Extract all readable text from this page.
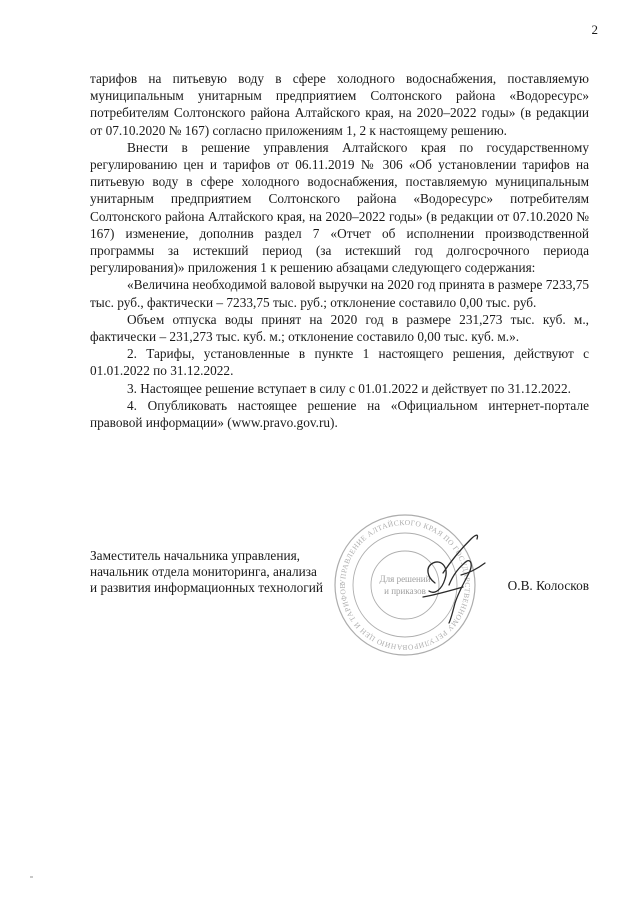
2

тарифов на питьевую воду в сфере холодного водоснабжения, поставляемую муниципальным унитарным предприятием Солтонского района «Водоресурс» потребителям Солтонского района Алтайского края, на 2020–2022 годы» (в редакции от 07.10.2020 № 167) согласно приложениям 1, 2 к настоящему решению.

Внести в решение управления Алтайского края по государственному регулированию цен и тарифов от 06.11.2019 № 306 «Об установлении тарифов на питьевую воду в сфере холодного водоснабжения, поставляемую муниципальным унитарным предприятием Солтонского района «Водоресурс» потребителям Солтонского района Алтайского края, на 2020–2022 годы» (в редакции от 07.10.2020 № 167) изменение, дополнив раздел 7 «Отчет об исполнении производственной программы за истекший период (за истекший год долгосрочного периода регулирования)» приложения 1 к решению абзацами следующего содержания:

«Величина необходимой валовой выручки на 2020 год принята в размере 7233,75 тыс. руб., фактически – 7233,75 тыс. руб.; отклонение составило 0,00 тыс. руб.

Объем отпуска воды принят на 2020 год в размере 231,273 тыс. куб. м., фактически – 231,273 тыс. куб. м.; отклонение составило 0,00 тыс. куб. м.».

2. Тарифы, установленные в пункте 1 настоящего решения, действуют с 01.01.2022 по 31.12.2022.

3. Настоящее решение вступает в силу с 01.01.2022 и действует по 31.12.2022.

4. Опубликовать настоящее решение на «Официальном интернет-портале правовой информации» (www.pravo.gov.ru).

Заместитель начальника управления,
начальник отдела мониторинга, анализа
и развития информационных технологий	О.В. Колосков
УПРАВЛЕНИЕ АЛТАЙСКОГО КРАЯ ПО ГОСУДАРСТВЕННОМУ РЕГУЛИРОВАНИЮ ЦЕН И ТАРИФОВ
Для решений
и приказов
